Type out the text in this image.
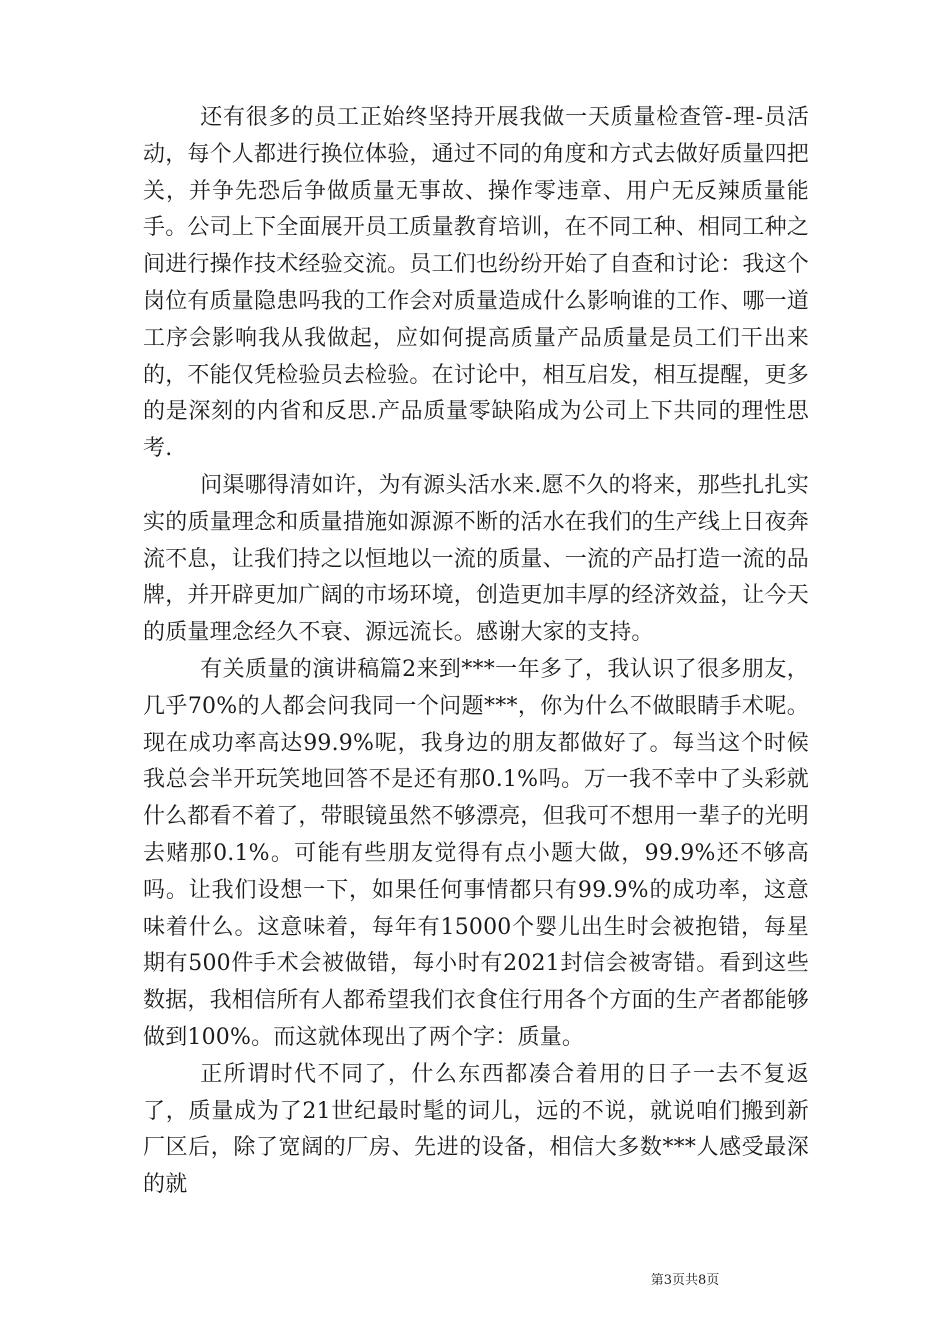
还有很多的员工正始终坚持开展我做一天质量检查管-理-员活动，每个人都进行换位体验，通过不同的角度和方式去做好质量四把关，并争先恐后争做质量无事故、操作零违章、用户无反辣质量能手。公司上下全面展开员工质量教育培训，在不同工种、相同工种之间进行操作技术经验交流。员工们也纷纷开始了自查和讨论：我这个岗位有质量隐患吗我的工作会对质量造成什么影响谁的工作、哪一道工序会影响我从我做起，应如何提高质量产品质量是员工们干出来的，不能仅凭检验员去检验。在讨论中，相互启发，相互提醒，更多的是深刻的内省和反思.产品质量零缺陷成为公司上下共同的理性思考.

问渠哪得清如许，为有源头活水来.愿不久的将来，那些扎扎实实的质量理念和质量措施如源源不断的活水在我们的生产线上日夜奔流不息，让我们持之以恒地以一流的质量、一流的产品打造一流的品牌，并开辟更加广阔的市场环境，创造更加丰厚的经济效益，让今天的质量理念经久不衰、源远流长。感谢大家的支持。

有关质量的演讲稿篇2来到***一年多了，我认识了很多朋友，几乎70%的人都会问我同一个问题***，你为什么不做眼睛手术呢。现在成功率高达99.9%呢，我身边的朋友都做好了。每当这个时候我总会半开玩笑地回答不是还有那0.1%吗。万一我不幸中了头彩就什么都看不着了，带眼镜虽然不够漂亮，但我可不想用一辈子的光明去赌那0.1%。可能有些朋友觉得有点小题大做，99.9%还不够高吗。让我们设想一下，如果任何事情都只有99.9%的成功率，这意味着什么。这意味着，每年有15000个婴儿出生时会被抱错，每星期有500件手术会被做错，每小时有2021封信会被寄错。看到这些数据，我相信所有人都希望我们衣食住行用各个方面的生产者都能够做到100%。而这就体现出了两个字：质量。

正所谓时代不同了，什么东西都凑合着用的日子一去不复返了，质量成为了21世纪最时髦的词儿，远的不说，就说咱们搬到新厂区后，除了宽阔的厂房、先进的设备，相信大多数***人感受最深的就

第3页共8页
